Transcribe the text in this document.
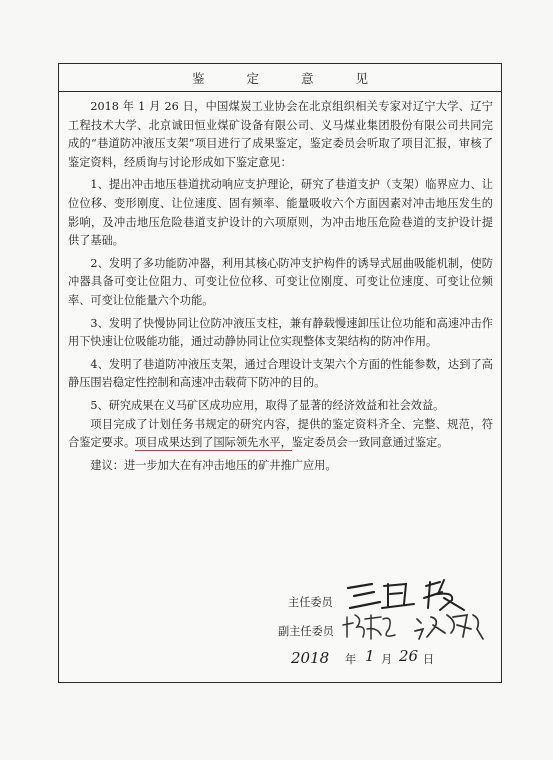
鉴定意见

2018 年 1 月 26 日，中国煤炭工业协会在北京组织相关专家对辽宁大学、辽宁工程技术大学、北京诚田恒业煤矿设备有限公司、义马煤业集团股份有限公司共同完成的“巷道防冲液压支架”项目进行了成果鉴定，鉴定委员会听取了项目汇报，审核了鉴定资料，经质询与讨论形成如下鉴定意见：

1、提出冲击地压巷道扰动响应支护理论，研究了巷道支护（支架）临界应力、让位位移、变形刚度、让位速度、固有频率、能量吸收六个方面因素对冲击地压发生的影响，及冲击地压危险巷道支护设计的六项原则，为冲击地压危险巷道的支护设计提供了基础。

2、发明了多功能防冲器，利用其核心防冲支护构件的诱导式屈曲吸能机制，使防冲器具备可变让位阻力、可变让位位移、可变让位刚度、可变让位速度、可变让位频率、可变让位能量六个功能。

3、发明了快慢协同让位防冲液压支柱，兼有静载慢速卸压让位功能和高速冲击作用下快速让位吸能功能，通过动静协同让位实现整体支架结构的防冲作用。

4、发明了巷道防冲液压支架，通过合理设计支架六个方面的性能参数，达到了高静压围岩稳定性控制和高速冲击载荷下防冲的目的。

5、研究成果在义马矿区成功应用，取得了显著的经济效益和社会效益。

项目完成了计划任务书规定的研究内容，提供的鉴定资料齐全、完整、规范，符合鉴定要求。项目成果达到了国际领先水平，鉴定委员会一致同意通过鉴定。

建议：进一步加大在有冲击地压的矿井推广应用。

主任委员
副主任委员
2018 年 1 月 26 日
